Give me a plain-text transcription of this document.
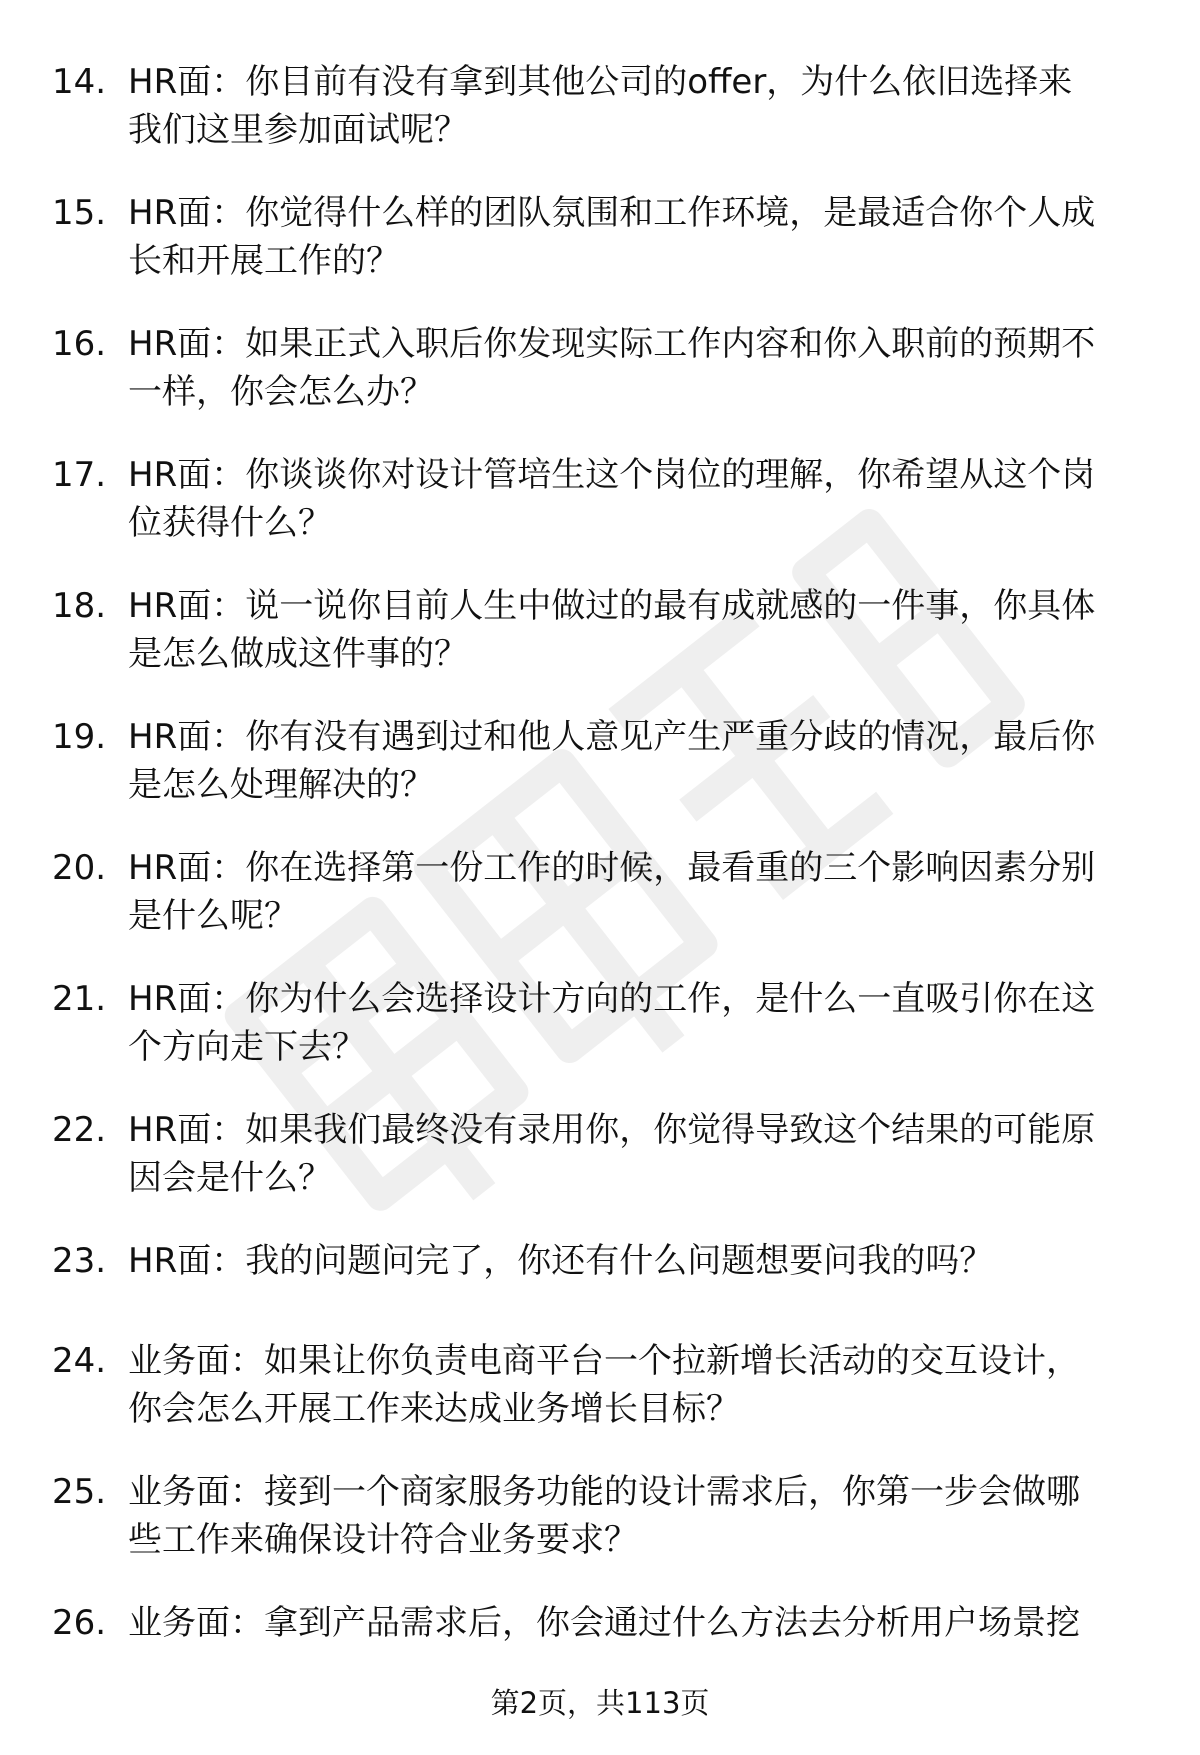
14. HR面：你目前有没有拿到其他公司的offer，为什么依旧选择来
我们这里参加面试呢？
15. HR面：你觉得什么样的团队氛围和工作环境，是最适合你个人成
长和开展工作的？
16. HR面：如果正式入职后你发现实际工作内容和你入职前的预期不
一样，你会怎么办？
17. HR面：你谈谈你对设计管培生这个岗位的理解，你希望从这个岗
位获得什么？
18. HR面：说一说你目前人生中做过的最有成就感的一件事，你具体
是怎么做成这件事的？
19. HR面：你有没有遇到过和他人意见产生严重分歧的情况，最后你
是怎么处理解决的？
20. HR面：你在选择第一份工作的时候，最看重的三个影响因素分别
是什么呢？
21. HR面：你为什么会选择设计方向的工作，是什么一直吸引你在这
个方向走下去？
22. HR面：如果我们最终没有录用你，你觉得导致这个结果的可能原
因会是什么？
23. HR面：我的问题问完了，你还有什么问题想要问我的吗？
24. 业务面：如果让你负责电商平台一个拉新增长活动的交互设计，
你会怎么开展工作来达成业务增长目标？
25. 业务面：接到一个商家服务功能的设计需求后，你第一步会做哪
些工作来确保设计符合业务要求？
26. 业务面：拿到产品需求后，你会通过什么方法去分析用户场景挖
第2页，共113页
